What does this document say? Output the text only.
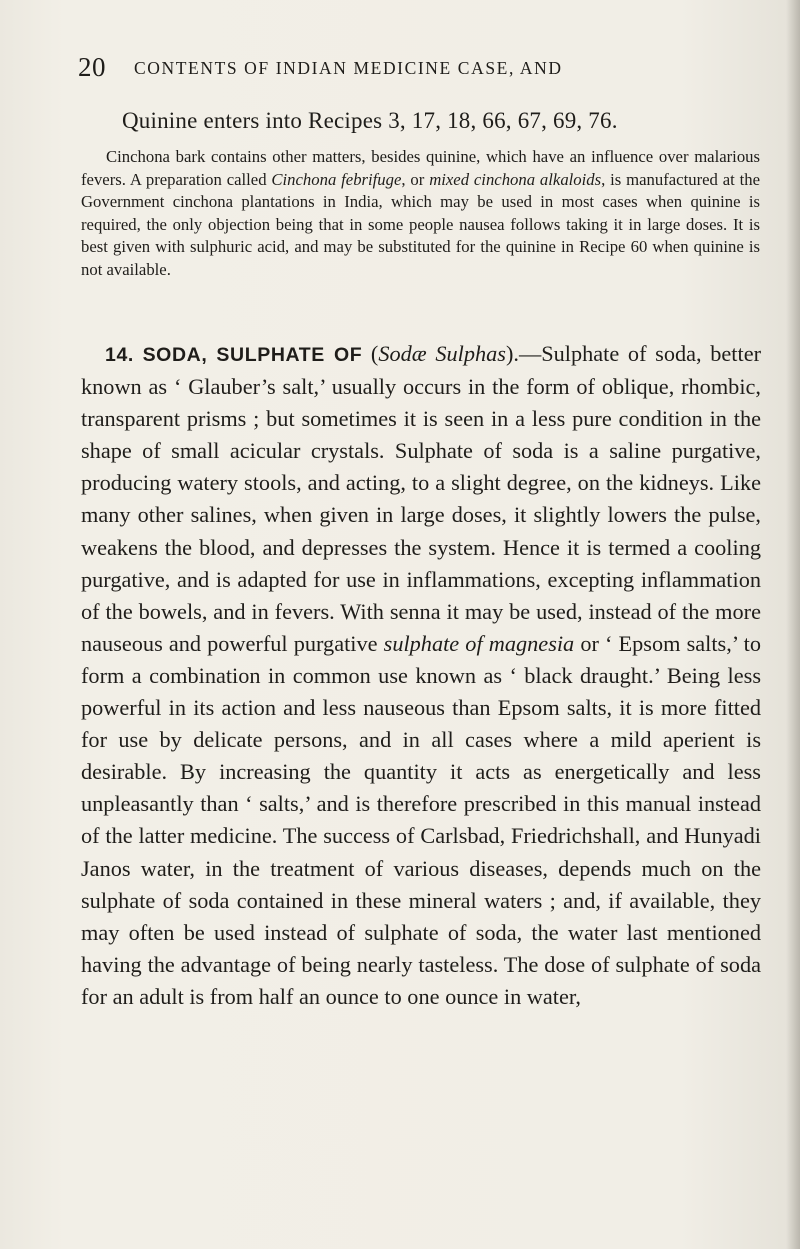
20 CONTENTS OF INDIAN MEDICINE CASE, AND
Quinine enters into Recipes 3, 17, 18, 66, 67, 69, 76.

Cinchona bark contains other matters, besides quinine, which have an influence over malarious fevers. A preparation called Cinchona febrifuge, or mixed cinchona alkaloids, is manufactured at the Government cinchona plantations in India, which may be used in most cases when quinine is required, the only objection being that in some people nausea follows taking it in large doses. It is best given with sulphuric acid, and may be substituted for the quinine in Recipe 60 when quinine is not available.

14. SODA, SULPHATE OF (Sodæ Sulphas).—Sulphate of soda, better known as ‘ Glauber’s salt,’ usually occurs in the form of oblique, rhombic, transparent prisms ; but sometimes it is seen in a less pure condition in the shape of small acicular crystals. Sulphate of soda is a saline purgative, producing watery stools, and acting, to a slight degree, on the kidneys. Like many other salines, when given in large doses, it slightly lowers the pulse, weakens the blood, and depresses the system. Hence it is termed a cooling purgative, and is adapted for use in inflammations, excepting inflammation of the bowels, and in fevers. With senna it may be used, instead of the more nauseous and powerful purgative sulphate of magnesia or ‘ Epsom salts,’ to form a combination in common use known as ‘ black draught.’ Being less powerful in its action and less nauseous than Epsom salts, it is more fitted for use by delicate persons, and in all cases where a mild aperient is desirable. By increasing the quantity it acts as energetically and less unpleasantly than ‘ salts,’ and is therefore prescribed in this manual instead of the latter medicine. The success of Carlsbad, Friedrichshall, and Hunyadi Janos water, in the treatment of various diseases, depends much on the sulphate of soda contained in these mineral waters ; and, if available, they may often be used instead of sulphate of soda, the water last mentioned having the advantage of being nearly tasteless. The dose of sulphate of soda for an adult is from half an ounce to one ounce in water,
